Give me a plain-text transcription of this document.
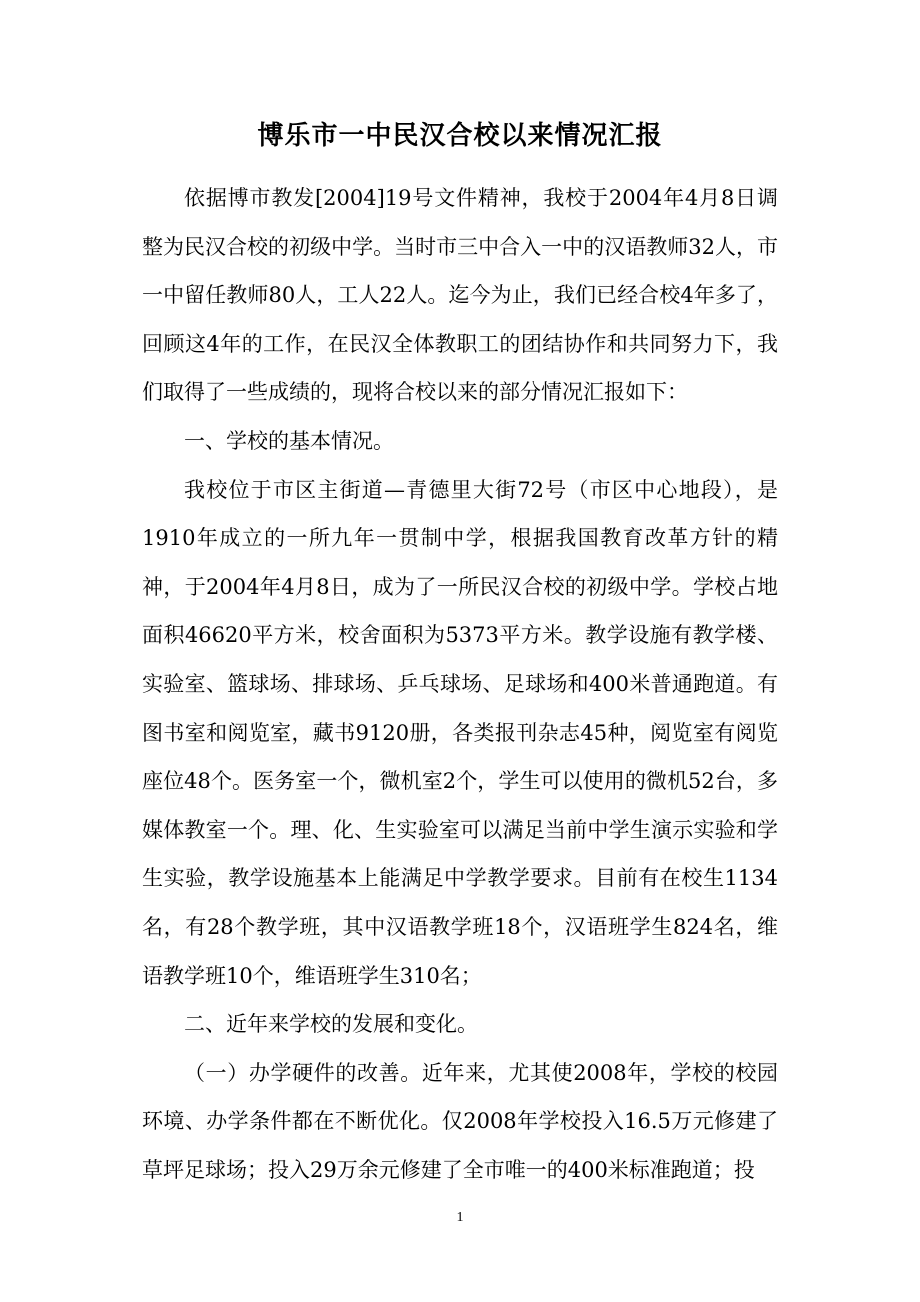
博乐市一中民汉合校以来情况汇报

依据博市教发[2004]19号文件精神，我校于2004年4月8日调整为民汉合校的初级中学。当时市三中合入一中的汉语教师32人，市一中留任教师80人，工人22人。迄今为止，我们已经合校4年多了，回顾这4年的工作，在民汉全体教职工的团结协作和共同努力下，我们取得了一些成绩的，现将合校以来的部分情况汇报如下：

一、学校的基本情况。

我校位于市区主街道—青德里大街72号（市区中心地段），是1910年成立的一所九年一贯制中学，根据我国教育改革方针的精神，于2004年4月8日，成为了一所民汉合校的初级中学。学校占地面积46620平方米，校舍面积为5373平方米。教学设施有教学楼、实验室、篮球场、排球场、乒乓球场、足球场和400米普通跑道。有图书室和阅览室，藏书9120册，各类报刊杂志45种，阅览室有阅览座位48个。医务室一个，微机室2个，学生可以使用的微机52台，多媒体教室一个。理、化、生实验室可以满足当前中学生演示实验和学生实验，教学设施基本上能满足中学教学要求。目前有在校生1134名，有28个教学班，其中汉语教学班18个，汉语班学生824名，维语教学班10个，维语班学生310名；

二、近年来学校的发展和变化。

（一）办学硬件的改善。近年来，尤其使2008年，学校的校园环境、办学条件都在不断优化。仅2008年学校投入16.5万元修建了草坪足球场；投入29万余元修建了全市唯一的400米标准跑道；投

1
